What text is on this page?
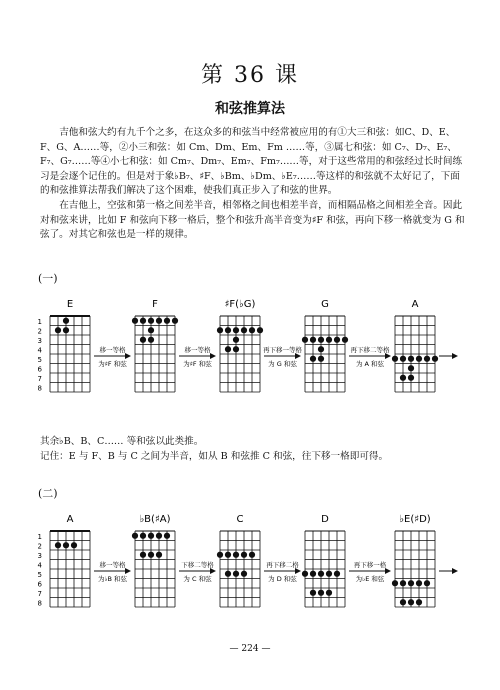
第 36 课
和弦推算法

吉他和弦大约有九千个之多，在这众多的和弦当中经常被应用的有①大三和弦：如C、D、E、F、G、A……等，②小三和弦：如 Cm、Dm、Em、Fm ……等，③属七和弦：如 C₇、D₇、E₇、F₇、G₇……等④小七和弦：如 Cm₇、Dm₇、Em₇、Fm₇……等，对于这些常用的和弦经过长时间练习是会逐个记住的。但是对于象♭B₇、♯F、♭Bm、♭Dm、♭E₇……等这样的和弦就不太好记了，下面的和弦推算法帮我们解决了这个困难，使我们真正步入了和弦的世界。

在吉他上，空弦和第一格之间差半音，相邻格之间也相差半音，而相隔品格之间相差全音。因此对和弦来讲，比如 F 和弦向下移一格后，整个和弦升高半音变为♯F 和弦，再向下移一格就变为 G 和弦了。对其它和弦也是一样的规律。

(一)
1
2
3
4
5
6
7
8
E	F	♯F(♭G)	G	A
移一等格
为♯F 和弦
移一等格
为♯F 和弦
再下移一等格
为 G 和弦
再下移二等格
为 A 和弦
其余♭B、B、C…… 等和弦以此类推。
记住：E 与 F、B 与 C 之间为半音，如从 B 和弦推 C 和弦，往下移一格即可得。
(二)
1
2
3
4
5
6
7
8
A	♭B(♯A)	C	D	♭E(♯D)
移一等格
为♭B 和弦
下移二等格
为 C 和弦
再下移二格
为 D 和弦
再下移一格
为♭E 和弦
— 224 —
